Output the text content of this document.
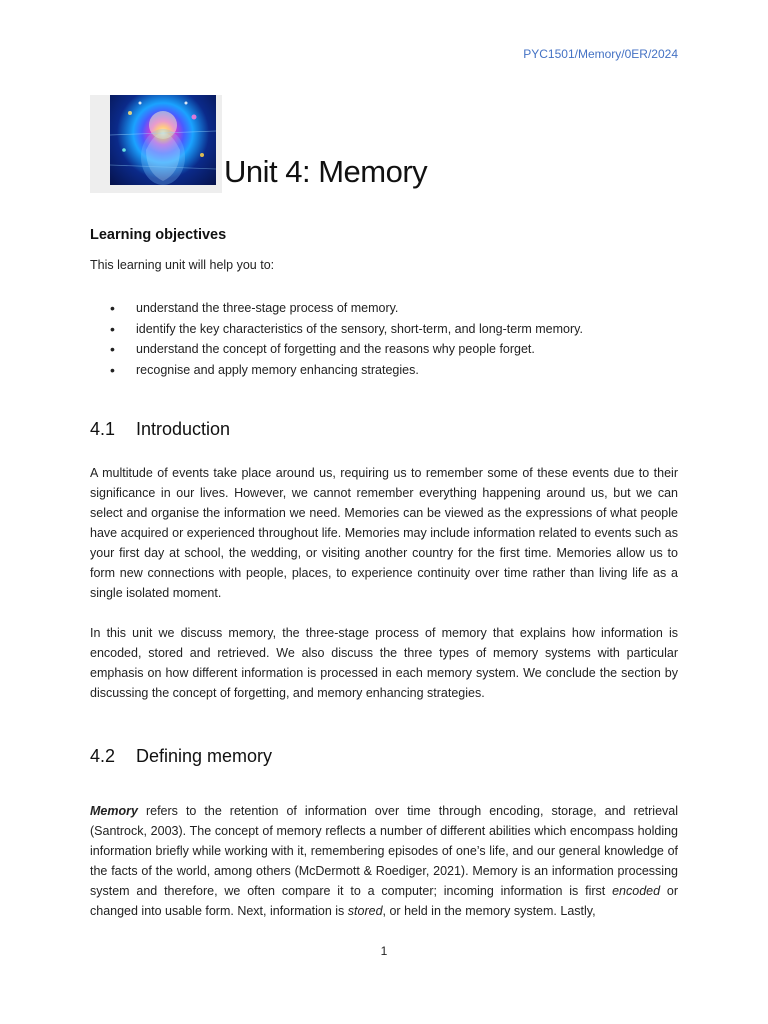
PYC1501/Memory/0ER/2024
Unit 4: Memory
Learning objectives
This learning unit will help you to:
• understand the three-stage process of memory.
• identify the key characteristics of the sensory, short-term, and long-term memory.
• understand the concept of forgetting and the reasons why people forget.
• recognise and apply memory enhancing strategies.
4.1 Introduction

A multitude of events take place around us, requiring us to remember some of these events due to their significance in our lives. However, we cannot remember everything happening around us, but we can select and organise the information we need. Memories can be viewed as the expressions of what people have acquired or experienced throughout life. Memories may include information related to events such as your first day at school, the wedding, or visiting another country for the first time. Memories allow us to form new connections with people, places, to experience continuity over time rather than living life as a single isolated moment.

In this unit we discuss memory, the three-stage process of memory that explains how information is encoded, stored and retrieved. We also discuss the three types of memory systems with particular emphasis on how different information is processed in each memory system. We conclude the section by discussing the concept of forgetting, and memory enhancing strategies.

4.2 Defining memory

Memory refers to the retention of information over time through encoding, storage, and retrieval (Santrock, 2003). The concept of memory reflects a number of different abilities which encompass holding information briefly while working with it, remembering episodes of one’s life, and our general knowledge of the facts of the world, among others (McDermott & Roediger, 2021). Memory is an information processing system and therefore, we often compare it to a computer; incoming information is first encoded or changed into usable form. Next, information is stored, or held in the memory system. Lastly,

1
